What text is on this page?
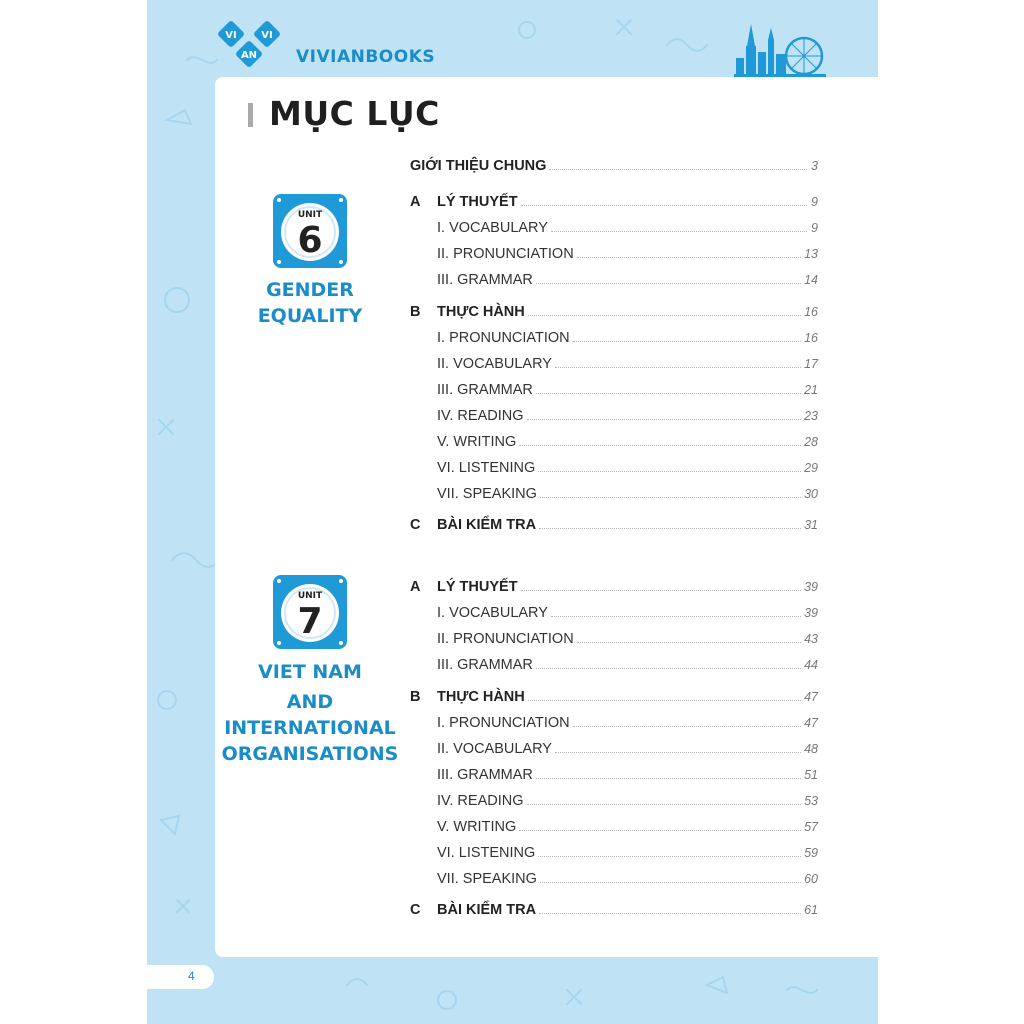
VI VI
AN VIVIANBOOKS
MỤC LỤC
UNIT
6
GENDER
EQUALITY
UNIT
7
VIET NAM
AND
INTERNATIONAL
ORGANISATIONS
GIỚI THIỆU CHUNG	3
A	LÝ THUYẾT	9
I. VOCABULARY	9
II. PRONUNCIATION	13
III. GRAMMAR	14
B	THỰC HÀNH	16
I. PRONUNCIATION	16
II. VOCABULARY	17
III. GRAMMAR	21
IV. READING	23
V. WRITING	28
VI. LISTENING	29
VII. SPEAKING	30
C	BÀI KIỂM TRA	31
A	LÝ THUYẾT	39
I. VOCABULARY	39
II. PRONUNCIATION	43
III. GRAMMAR	44
B	THỰC HÀNH	47
I. PRONUNCIATION	47
II. VOCABULARY	48
III. GRAMMAR	51
IV. READING	53
V. WRITING	57
VI. LISTENING	59
VII. SPEAKING	60
C	BÀI KIỂM TRA	61
4
